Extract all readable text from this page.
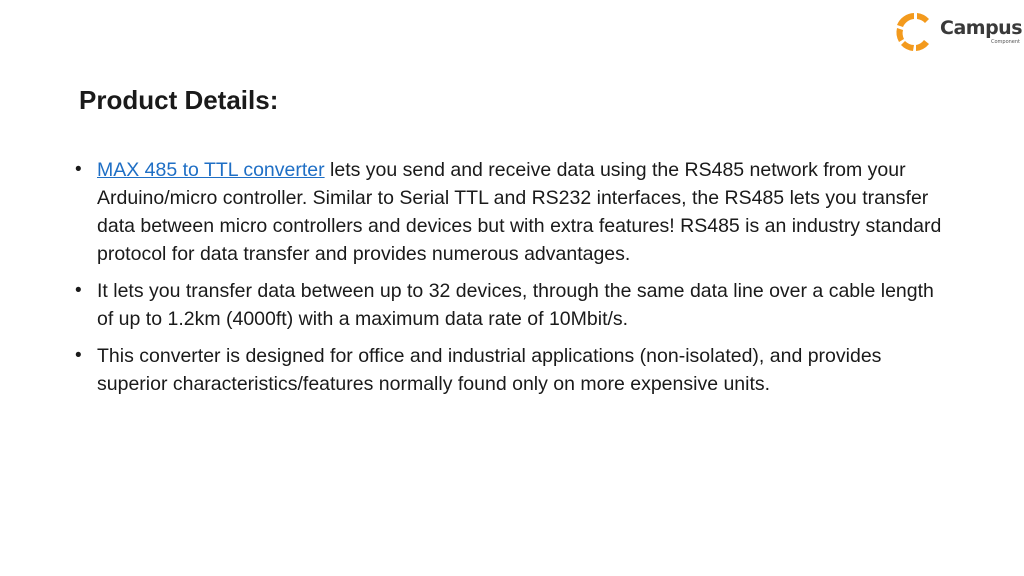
Campus
Component
Product Details:
• MAX 485 to TTL converter lets you send and receive data using the RS485 network from your Arduino/micro controller. Similar to Serial TTL and RS232 interfaces, the RS485 lets you transfer data between micro controllers and devices but with extra features! RS485 is an industry standard protocol for data transfer and provides numerous advantages.
• It lets you transfer data between up to 32 devices, through the same data line over a cable length of up to 1.2km (4000ft) with a maximum data rate of 10Mbit/s.
• This converter is designed for office and industrial applications (non-isolated), and provides superior characteristics/features normally found only on more expensive units.
